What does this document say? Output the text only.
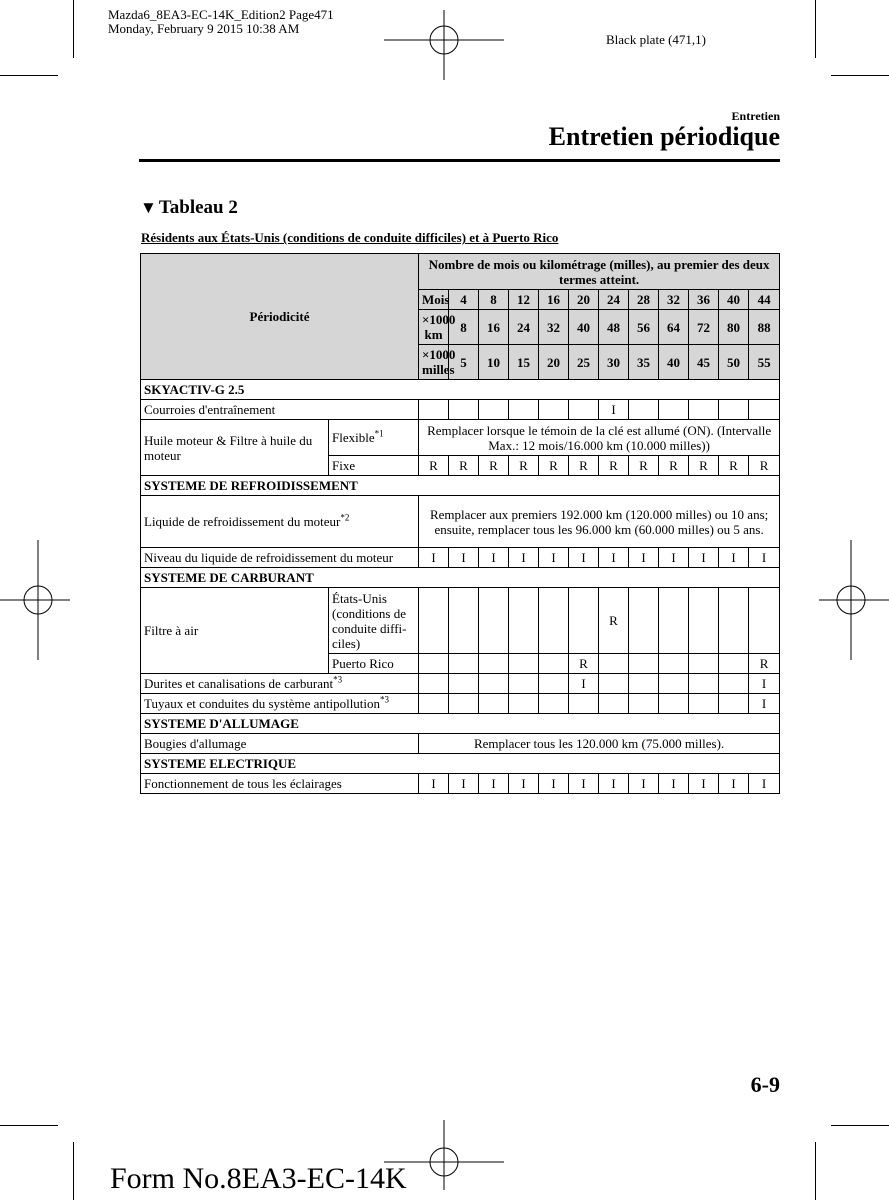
Mazda6_8EA3-EC-14K_Edition2 Page471
Monday, February 9 2015 10:38 AM
Black plate (471,1)
Entretien
Entretien périodique
▼ Tableau 2
Résidents aux États-Unis (conditions de conduite difficiles) et à Puerto Rico
Périodicité		Nombre de mois ou kilométrage (milles), au premier des deux termes atteint.												
		Mois	4	8	12	16	20	24	28	32	36	40	44	
		×1000 km	8	16	24	32	40	48	56	64	72	80	88	
		×1000 milles	5	10	15	20	25	30	35	40	45	50	55	
SKYACTIV-G 2.5														
Courroies d'entraînement								I						
Huile moteur & Filtre à huile du moteur	Flexible$^{*1}$	Remplacer lorsque le témoin de la clé est allumé (ON). (Intervalle Max.: 12 mois/16.000 km (10.000 milles))												
	Fixe	R	R	R	R	R	R	R	R	R	R	R	R	
SYSTEME DE REFROIDISSEMENT														
Liquide de refroidissement du moteur$^{*2}$		Remplacer aux premiers 192.000 km (120.000 milles) ou 10 ans; ensuite, remplacer tous les 96.000 km (60.000 milles) ou 5 ans.												
Niveau du liquide de refroidissement du moteur		I	I	I	I	I	I	I	I	I	I	I	I	
SYSTEME DE CARBURANT														
Filtre à air	États-Unis (conditions de conduite diffi- ciles)							R						
	Puerto Rico						R						R	
Durites et canalisations de carburant$^{*3}$							I						I	
Tuyaux et conduites du système antipollution$^{*3}$													I	
SYSTEME D'ALLUMAGE														
Bougies d'allumage		Remplacer tous les 120.000 km (75.000 milles).												
SYSTEME ELECTRIQUE														
Fonctionnement de tous les éclairages		I	I	I	I	I	I	I	I	I	I	I	I	
6-9
Form No.8EA3-EC-14K
